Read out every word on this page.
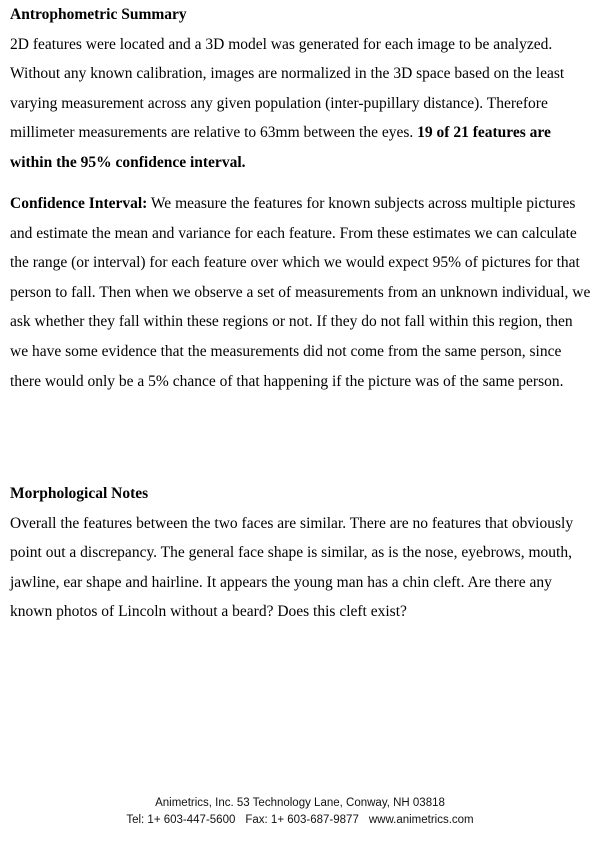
Antrophometric Summary
2D features were located and a 3D model was generated for each image to be analyzed. Without any known calibration, images are normalized in the 3D space based on the least varying measurement across any given population (inter-pupillary distance). Therefore millimeter measurements are relative to 63mm between the eyes. 19 of 21 features are within the 95% confidence interval.
Confidence Interval: We measure the features for known subjects across multiple pictures and estimate the mean and variance for each feature. From these estimates we can calculate the range (or interval) for each feature over which we would expect 95% of pictures for that person to fall. Then when we observe a set of measurements from an unknown individual, we ask whether they fall within these regions or not. If they do not fall within this region, then we have some evidence that the measurements did not come from the same person, since there would only be a 5% chance of that happening if the picture was of the same person.
Morphological Notes
Overall the features between the two faces are similar. There are no features that obviously point out a discrepancy. The general face shape is similar, as is the nose, eyebrows, mouth, jawline, ear shape and hairline. It appears the young man has a chin cleft. Are there any known photos of Lincoln without a beard? Does this cleft exist?
Animetrics, Inc. 53 Technology Lane, Conway, NH 03818
Tel: 1+ 603-447-5600 Fax: 1+ 603-687-9877 www.animetrics.com
